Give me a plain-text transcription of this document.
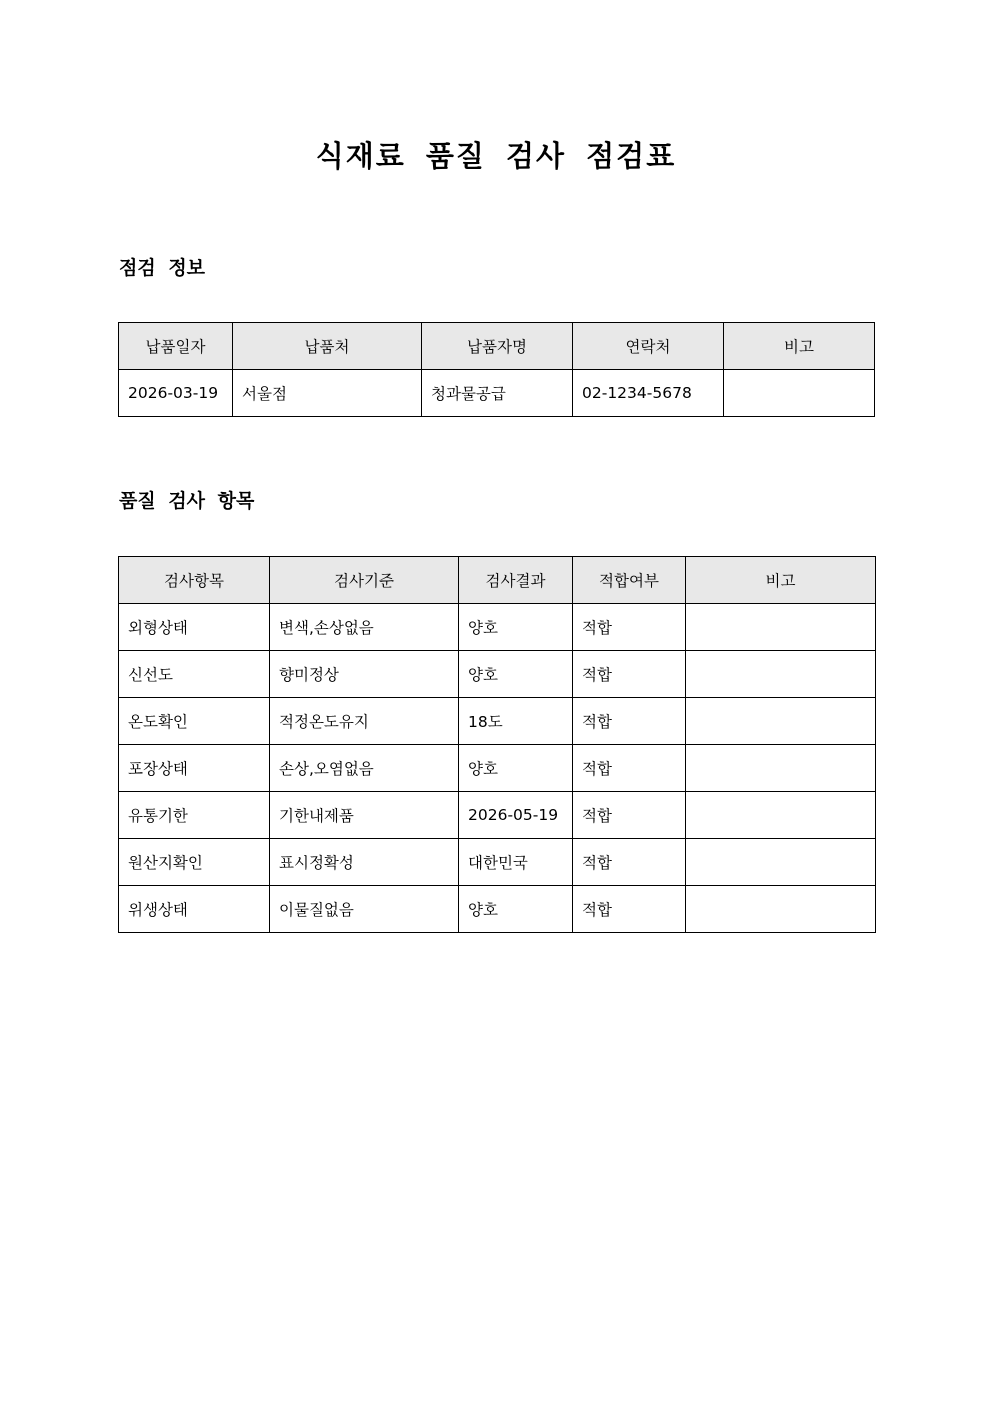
식재료 품질 검사 점검표
점검 정보
납품일자	납품처	납품자명	연락처	비고
2026-03-19	서울점	청과물공급	02-1234-5678	
품질 검사 항목
검사항목	검사기준	검사결과	적합여부	비고
외형상태	변색,손상없음	양호	적합	
신선도	향미정상	양호	적합	
온도확인	적정온도유지	18도	적합	
포장상태	손상,오염없음	양호	적합	
유통기한	기한내제품	2026-05-19	적합	
원산지확인	표시정확성	대한민국	적합	
위생상태	이물질없음	양호	적합	
